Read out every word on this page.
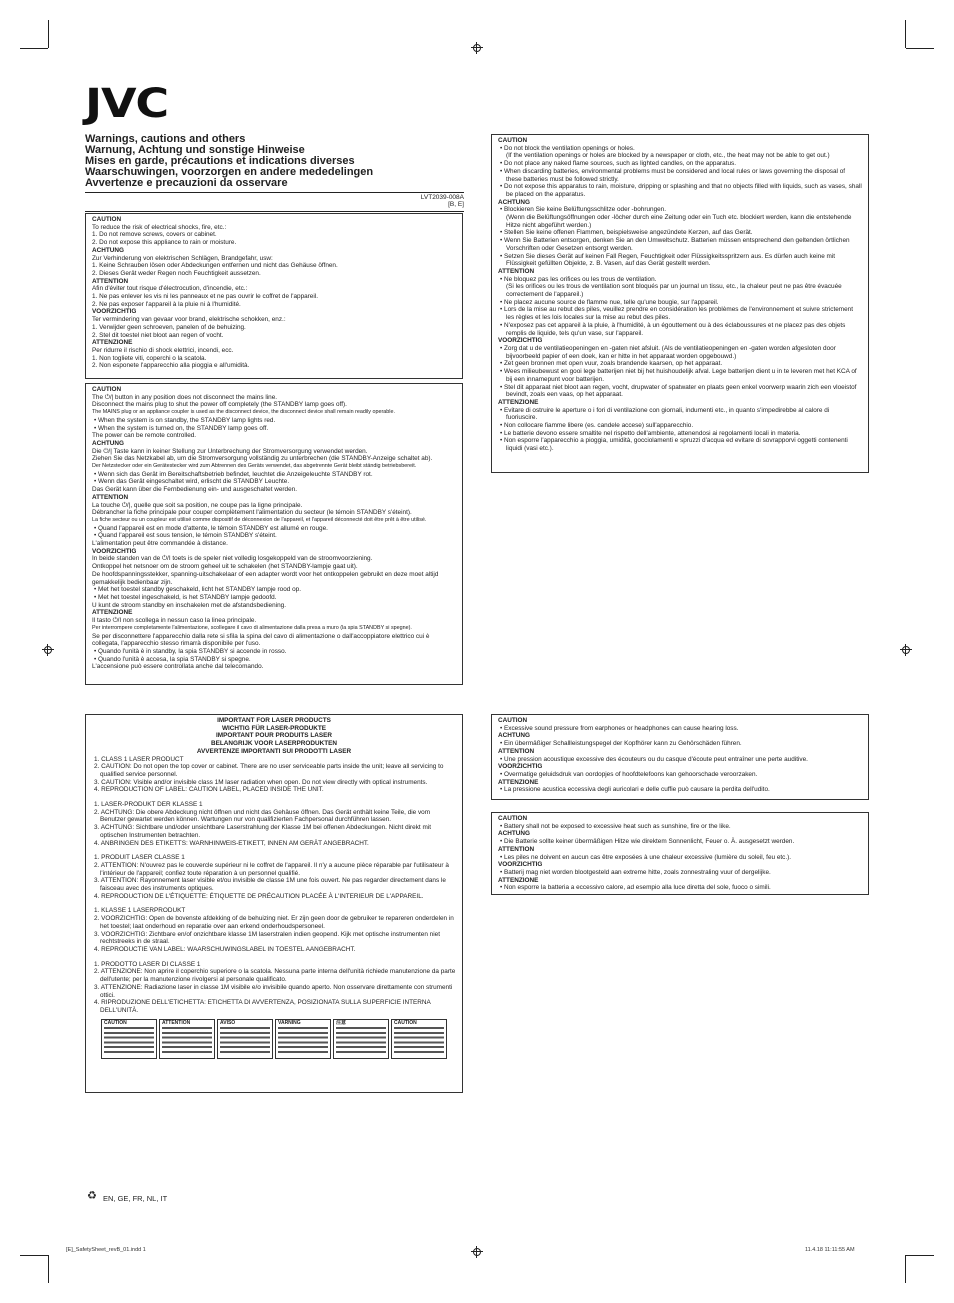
JVC
Warnings, cautions and others
Warnung, Achtung und sonstige Hinweise
Mises en garde, précautions et indications diverses
Waarschuwingen, voorzorgen en andere mededelingen
Avvertenze e precauzioni da osservare
LVT2039-008A
[B, E]
CAUTION
To reduce the risk of electrical shocks, fire, etc.:
1. Do not remove screws, covers or cabinet.
2. Do not expose this appliance to rain or moisture.
ACHTUNG
Zur Verhinderung von elektrischen Schlägen, Brandgefahr, usw:
1. Keine Schrauben lösen oder Abdeckungen entfernen und nicht das Gehäuse öffnen.
2. Dieses Gerät weder Regen noch Feuchtigkeit aussetzen.
ATTENTION
Afin d'éviter tout risque d'électrocution, d'incendie, etc.:
1. Ne pas enlever les vis ni les panneaux et ne pas ouvrir le coffret de l'appareil.
2. Ne pas exposer l'appareil à la pluie ni à l'humidité.
VOORZICHTIG
Ter vermindering van gevaar voor brand, elektrische schokken, enz.:
1. Verwijder geen schroeven, panelen of de behuizing.
2. Stel dit toestel niet bloot aan regen of vocht.
ATTENZIONE
Per ridurre il rischio di shock elettrici, incendi, ecc.
1. Non togliete viti, coperchi o la scatola.
2. Non esponete l'apparecchio alla pioggia e all'umidità.
CAUTION
The ⏻/| button in any position does not disconnect the mains line.
Disconnect the mains plug to shut the power off completely (the STANDBY lamp goes off).
The MAINS plug or an appliance coupler is used as the disconnect device, the disconnect device shall remain readily operable.
• When the system is on standby, the STANDBY lamp lights red.
• When the system is turned on, the STANDBY lamp goes off.
The power can be remote controlled.
ACHTUNG
Die ⏻/| Taste kann in keiner Stellung zur Unterbrechung der Stromversorgung verwendet werden.
Ziehen Sie das Netzkabel ab, um die Stromversorgung vollständig zu unterbrechen (die STANDBY-Anzeige schaltet ab).
Der Netzstecker oder ein Gerätestecker wird zum Abtrennen des Geräts verwendet, das abgetrennte Gerät bleibt ständig betriebsbereit.
• Wenn sich das Gerät im Bereitschaftsbetrieb befindet, leuchtet die Anzeigeleuchte STANDBY rot.
• Wenn das Gerät eingeschaltet wird, erlischt die STANDBY Leuchte.
Das Gerät kann über die Fernbedienung ein- und ausgeschaltet werden.
ATTENTION
La touche ⏻/|, quelle que soit sa position, ne coupe pas la ligne principale.
Débrancher la fiche principale pour couper complètement l'alimentation du secteur (le témoin STANDBY s'éteint).
La fiche secteur ou un coupleur est utilisé comme dispositif de déconnexion de l'appareil, et l'appareil déconnecté doit être prêt à être utilisé.
• Quand l'appareil est en mode d'attente, le témoin STANDBY est allumé en rouge.
• Quand l'appareil est sous tension, le témoin STANDBY s'éteint.
L'alimentation peut être commandée à distance.
VOORZICHTIG
In beide standen van de ⏻/I toets is de speler niet volledig losgekoppeld van de stroomvoorziening.
Ontkoppel het netsnoer om de stroom geheel uit te schakelen (het STANDBY-lampje gaat uit).
De hoofdspanningsstekker, spanning-uitschakelaar of een adapter wordt voor het ontkoppelen gebruikt en deze moet altijd gemakkelijk bedienbaar zijn.
• Met het toestel standby geschakeld, licht het STANDBY lampje rood op.
• Met het toestel ingeschakeld, is het STANDBY lampje gedoofd.
U kunt de stroom standby en inschakelen met de afstandsbediening.
ATTENZIONE
Il tasto ⏻/I non scollega in nessun caso la linea principale.
Per interrompere completamente l'alimentazione, scollegare il cavo di alimentazione dalla presa a muro (la spia STANDBY si spegne).
Se per disconnettere l'apparecchio dalla rete si sfila la spina del cavo di alimentazione o dall'accoppiatore elettrico cui è collegata, l'apparecchio stesso rimarrà disponibile per l'uso.
• Quando l'unità è in standby, la spia STANDBY si accende in rosso.
• Quando l'unità è accesa, la spia STANDBY si spegne.
L'accensione può essere controllata anche dal telecomando.
CAUTION
• Do not block the ventilation openings or holes.
(If the ventilation openings or holes are blocked by a newspaper or cloth, etc., the heat may not be able to get out.)
• Do not place any naked flame sources, such as lighted candles, on the apparatus.
• When discarding batteries, environmental problems must be considered and local rules or laws governing the disposal of these batteries must be followed strictly.
• Do not expose this apparatus to rain, moisture, dripping or splashing and that no objects filled with liquids, such as vases, shall be placed on the apparatus.
ACHTUNG
• Blockieren Sie keine Belüftungsschlitze oder -bohrungen.
(Wenn die Belüftungsöffnungen oder -löcher durch eine Zeitung oder ein Tuch etc. blockiert werden, kann die entstehende Hitze nicht abgeführt werden.)
• Stellen Sie keine offenen Flammen, beispielsweise angezündete Kerzen, auf das Gerät.
• Wenn Sie Batterien entsorgen, denken Sie an den Umweltschutz. Batterien müssen entsprechend den geltenden örtlichen Vorschriften oder Gesetzen entsorgt werden.
• Setzen Sie dieses Gerät auf keinen Fall Regen, Feuchtigkeit oder Flüssigkeitsspritzern aus. Es dürfen auch keine mit Flüssigkeit gefüllten Objekte, z. B. Vasen, auf das Gerät gestellt werden.
ATTENTION
• Ne bloquez pas les orifices ou les trous de ventilation.
(Si les orifices ou les trous de ventilation sont bloqués par un journal un tissu, etc., la chaleur peut ne pas être évacuée correctement de l'appareil.)
• Ne placez aucune source de flamme nue, telle qu'une bougie, sur l'appareil.
• Lors de la mise au rebut des piles, veuillez prendre en considération les problèmes de l'environnement et suivre strictement les règles et les lois locales sur la mise au rebut des piles.
• N'exposez pas cet appareil à la pluie, à l'humidité, à un égouttement ou à des éclaboussures et ne placez pas des objets remplis de liquide, tels qu'un vase, sur l'appareil.
VOORZICHTIG
• Zorg dat u de ventilatieopeningen en -gaten niet afsluit. (Als de ventilatieopeningen en -gaten worden afgesloten door bijvoorbeeld papier of een doek, kan er hitte in het apparaat worden opgebouwd.)
• Zet geen bronnen met open vuur, zoals brandende kaarsen, op het apparaat.
• Wees milieubewust en gooi lege batterijen niet bij het huishoudelijk afval. Lege batterijen dient u in te leveren met het KCA of bij een innamepunt voor batterijen.
• Stel dit apparaat niet bloot aan regen, vocht, drupwater of spatwater en plaats geen enkel voorwerp waarin zich een vloeistof bevindt, zoals een vaas, op het apparaat.
ATTENZIONE
• Evitare di ostruire le aperture o i fori di ventilazione con giornali, indumenti etc., in quanto s'impedirebbe al calore di fuoriuscire.
• Non collocare fiamme libere (es. candele accese) sull'apparecchio.
• Le batterie devono essere smaltite nel rispetto dell'ambiente, attenendosi ai regolamenti locali in materia.
• Non esporre l'apparecchio a pioggia, umidità, gocciolamenti e spruzzi d'acqua ed evitare di sovrapporvi oggetti contenenti liquidi (vasi etc.).
IMPORTANT FOR LASER PRODUCTS
WICHTIG FÜR LASER-PRODUKTE
IMPORTANT POUR PRODUITS LASER
BELANGRIJK VOOR LASERPRODUKTEN
AVVERTENZE IMPORTANTI SUI PRODOTTI LASER
1. CLASS 1 LASER PRODUCT
2. CAUTION: Do not open the top cover or cabinet. There are no user serviceable parts inside the unit; leave all servicing to qualified service personnel.
3. CAUTION: Visible and/or invisible class 1M laser radiation when open. Do not view directly with optical instruments.
4. REPRODUCTION OF LABEL: CAUTION LABEL, PLACED INSIDE THE UNIT.
1. LASER-PRODUKT DER KLASSE 1
2. ACHTUNG: Die obere Abdeckung nicht öffnen und nicht das Gehäuse öffnen. Das Gerät enthält keine Teile, die vom Benutzer gewartet werden können. Wartungen nur von qualifizierten Fachpersonal durchführen lassen.
3. ACHTUNG: Sichtbare und/oder unsichtbare Laserstrahlung der Klasse 1M bei offenen Abdeckungen. Nicht direkt mit optischen Instrumenten betrachten.
4. ANBRINGEN DES ETIKETTS: WARNHINWEIS-ETIKETT, INNEN AM GERÄT ANGEBRACHT.
1. PRODUIT LASER CLASSE 1
2. ATTENTION: N'ouvrez pas le couvercle supérieur ni le coffret de l'appareil. Il n'y a aucune pièce réparable par l'utilisateur à l'intérieur de l'appareil; confiez toute réparation à un personnel qualifié.
3. ATTENTION: Rayonnement laser visible et/ou invisible de classe 1M une fois ouvert. Ne pas regarder directement dans le faisceau avec des instruments optiques.
4. REPRODUCTION DE L'ÉTIQUETTE: ÉTIQUETTE DE PRÉCAUTION PLACÉE À L'INTERIEUR DE L'APPAREIL.
1. KLASSE 1 LASERPRODUKT
2. VOORZICHTIG: Open de bovenste afdekking of de behuizing niet. Er zijn geen door de gebruiker te repareren onderdelen in het toestel; laat onderhoud en reparatie over aan erkend onderhoudspersoneel.
3. VOORZICHTIG: Zichtbare en/of onzichtbare klasse 1M laserstralen indien geopend. Kijk met optische instrumenten niet rechtstreeks in de straal.
4. REPRODUCTIE VAN LABEL: WAARSCHUWINGSLABEL IN TOESTEL AANGEBRACHT.
1. PRODOTTO LASER DI CLASSE 1
2. ATTENZIONE: Non aprire il coperchio superiore o la scatola. Nessuna parte interna dell'unità richiede manutenzione da parte dell'utente; per la manutenzione rivolgersi al personale qualificato.
3. ATTENZIONE: Radiazione laser in classe 1M visibile e/o invisibile quando aperto. Non osservare direttamente con strumenti ottici.
4. RIPRODUZIONE DELL'ETICHETTA: ETICHETTA DI AVVERTENZA, POSIZIONATA SULLA SUPERFICIE INTERNA DELL'UNITÀ.
CAUTION	ATTENTION	AVISO	VARNING	注意	CAUTION
CAUTION
• Excessive sound pressure from earphones or headphones can cause hearing loss.
ACHTUNG
• Ein übermäßiger Schallleistungspegel der Kopfhörer kann zu Gehörschäden führen.
ATTENTION
• Une pression acoustique excessive des écouteurs ou du casque d'écoute peut entraîner une perte auditive.
VOORZICHTIG
• Overmatige geluidsdruk van oordopjes of hoofdtelefoons kan gehoorschade veroorzaken.
ATTENZIONE
• La pressione acustica eccessiva degli auricolari e delle cuffie può causare la perdita dell'udito.
CAUTION
• Battery shall not be exposed to excessive heat such as sunshine, fire or the like.
ACHTUNG
• Die Batterie sollte keiner übermäßigen Hitze wie direktem Sonnenlicht, Feuer o. Ä. ausgesetzt werden.
ATTENTION
• Les piles ne doivent en aucun cas être exposées à une chaleur excessive (lumière du soleil, feu etc.).
VOORZICHTIG
• Batterij mag niet worden blootgesteld aan extreme hitte, zoals zonnestraling vuur of dergelijke.
ATTENZIONE
• Non esporre la batteria a eccessivo calore, ad esempio alla luce diretta del sole, fuoco o simili.
♻ EN, GE, FR, NL, IT
[E]_SafetySheet_revB_01.indd 1	11.4.18 11:11:55 AM
